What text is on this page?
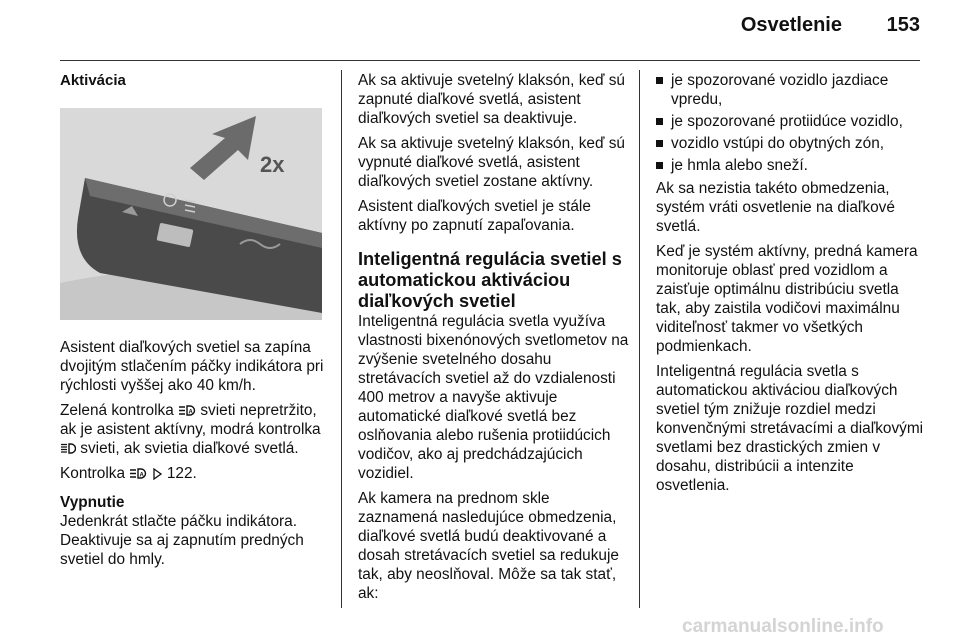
Osvetlenie	153
Aktivácia
2x

Asistent diaľkových svetiel sa zapína dvojitým stlačením páčky indikátora pri rýchlosti vyššej ako 40 km/h.

Zelená kontrolka A svieti nepretržito, ak je asistent aktívny, modrá kontrolka  svieti, ak svietia diaľkové svetlá.

Kontrolka A 122.

Vypnutie

Jedenkrát stlačte páčku indikátora. Deaktivuje sa aj zapnutím predných svetiel do hmly.

Ak sa aktivuje svetelný klaksón, keď sú zapnuté diaľkové svetlá, asistent diaľkových svetiel sa deaktivuje.

Ak sa aktivuje svetelný klaksón, keď sú vypnuté diaľkové svetlá, asistent diaľkových svetiel zostane aktívny.

Asistent diaľkových svetiel je stále aktívny po zapnutí zapaľovania.

Inteligentná regulácia svetiel s automatickou aktiváciou diaľkových svetiel

Inteligentná regulácia svetla využíva vlastnosti bixenónových svetlometov na zvýšenie svetelného dosahu stretávacích svetiel až do vzdialenosti 400 metrov a navyše aktivuje automatické diaľkové svetlá bez oslňovania alebo rušenia protiidúcich vodičov, ako aj predchádzajúcich vozidiel.

Ak kamera na prednom skle zaznamená nasledujúce obmedzenia, diaľkové svetlá budú deaktivované a dosah stretávacích svetiel sa redukuje tak, aby neoslňoval. Môže sa tak stať, ak:

je spozorované vozidlo jazdiace vpredu,
je spozorované protiidúce vozidlo,
vozidlo vstúpi do obytných zón,
je hmla alebo sneží.

Ak sa nezistia takéto obmedzenia, systém vráti osvetlenie na diaľkové svetlá.

Keď je systém aktívny, predná kamera monitoruje oblasť pred vozidlom a zaisťuje optimálnu distribúciu svetla tak, aby zaistila vodičovi maximálnu viditeľnosť takmer vo všetkých podmienkach.

Inteligentná regulácia svetla s automatickou aktiváciou diaľkových svetiel tým znižuje rozdiel medzi konvenčnými stretávacími a diaľkovými svetlami bez drastických zmien v dosahu, distribúcii a intenzite osvetlenia.

carmanualsonline.info
